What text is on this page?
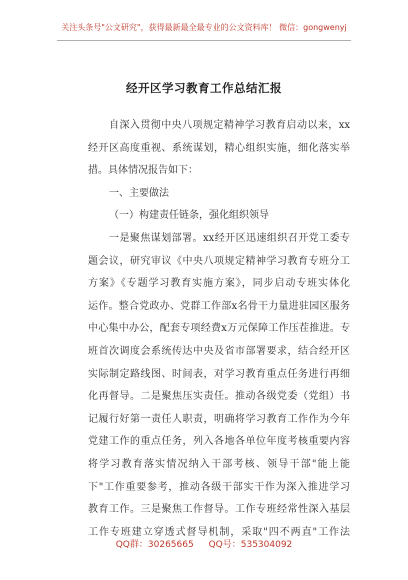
关注头条号"公文研究"，获得最新最全最专业的公文资料库！ 微信：gongwenyj
经开区学习教育工作总结汇报
自深入贯彻中央八项规定精神学习教育启动以来，xx
经开区高度重视、系统谋划，精心组织实施，细化落实举
措。具体情况报告如下：
一、主要做法
（一）构建责任链条，强化组织领导
一是聚焦谋划部署。xx经开区迅速组织召开党工委专
题会议，研究审议《中央八项规定精神学习教育专班分工
方案》《专题学习教育实施方案》，同步启动专班实体化
运作。整合党政办、党群工作部x名骨干力量进驻园区服务
中心集中办公，配套专项经费x万元保障工作压茬推进。专
班首次调度会系统传达中央及省市部署要求，结合经开区
实际制定路线图、时间表，对学习教育重点任务进行再细
化再督导。二是聚焦压实责任。推动各级党委（党组）书
记履行好第一责任人职责，明确将学习教育工作作为今年
党建工作的重点任务，列入各地各单位年度考核重要内容
将学习教育落实情况纳入干部考核、领导干部"能上能
下"工作重要参考，推动各级干部实干作为深入推进学习
教育工作。三是聚焦工作督导。工作专班经常性深入基层
工作专班建立穿透式督导机制，采取"四不两直"工作法
QQ群：30265665 QQ号：535304092
